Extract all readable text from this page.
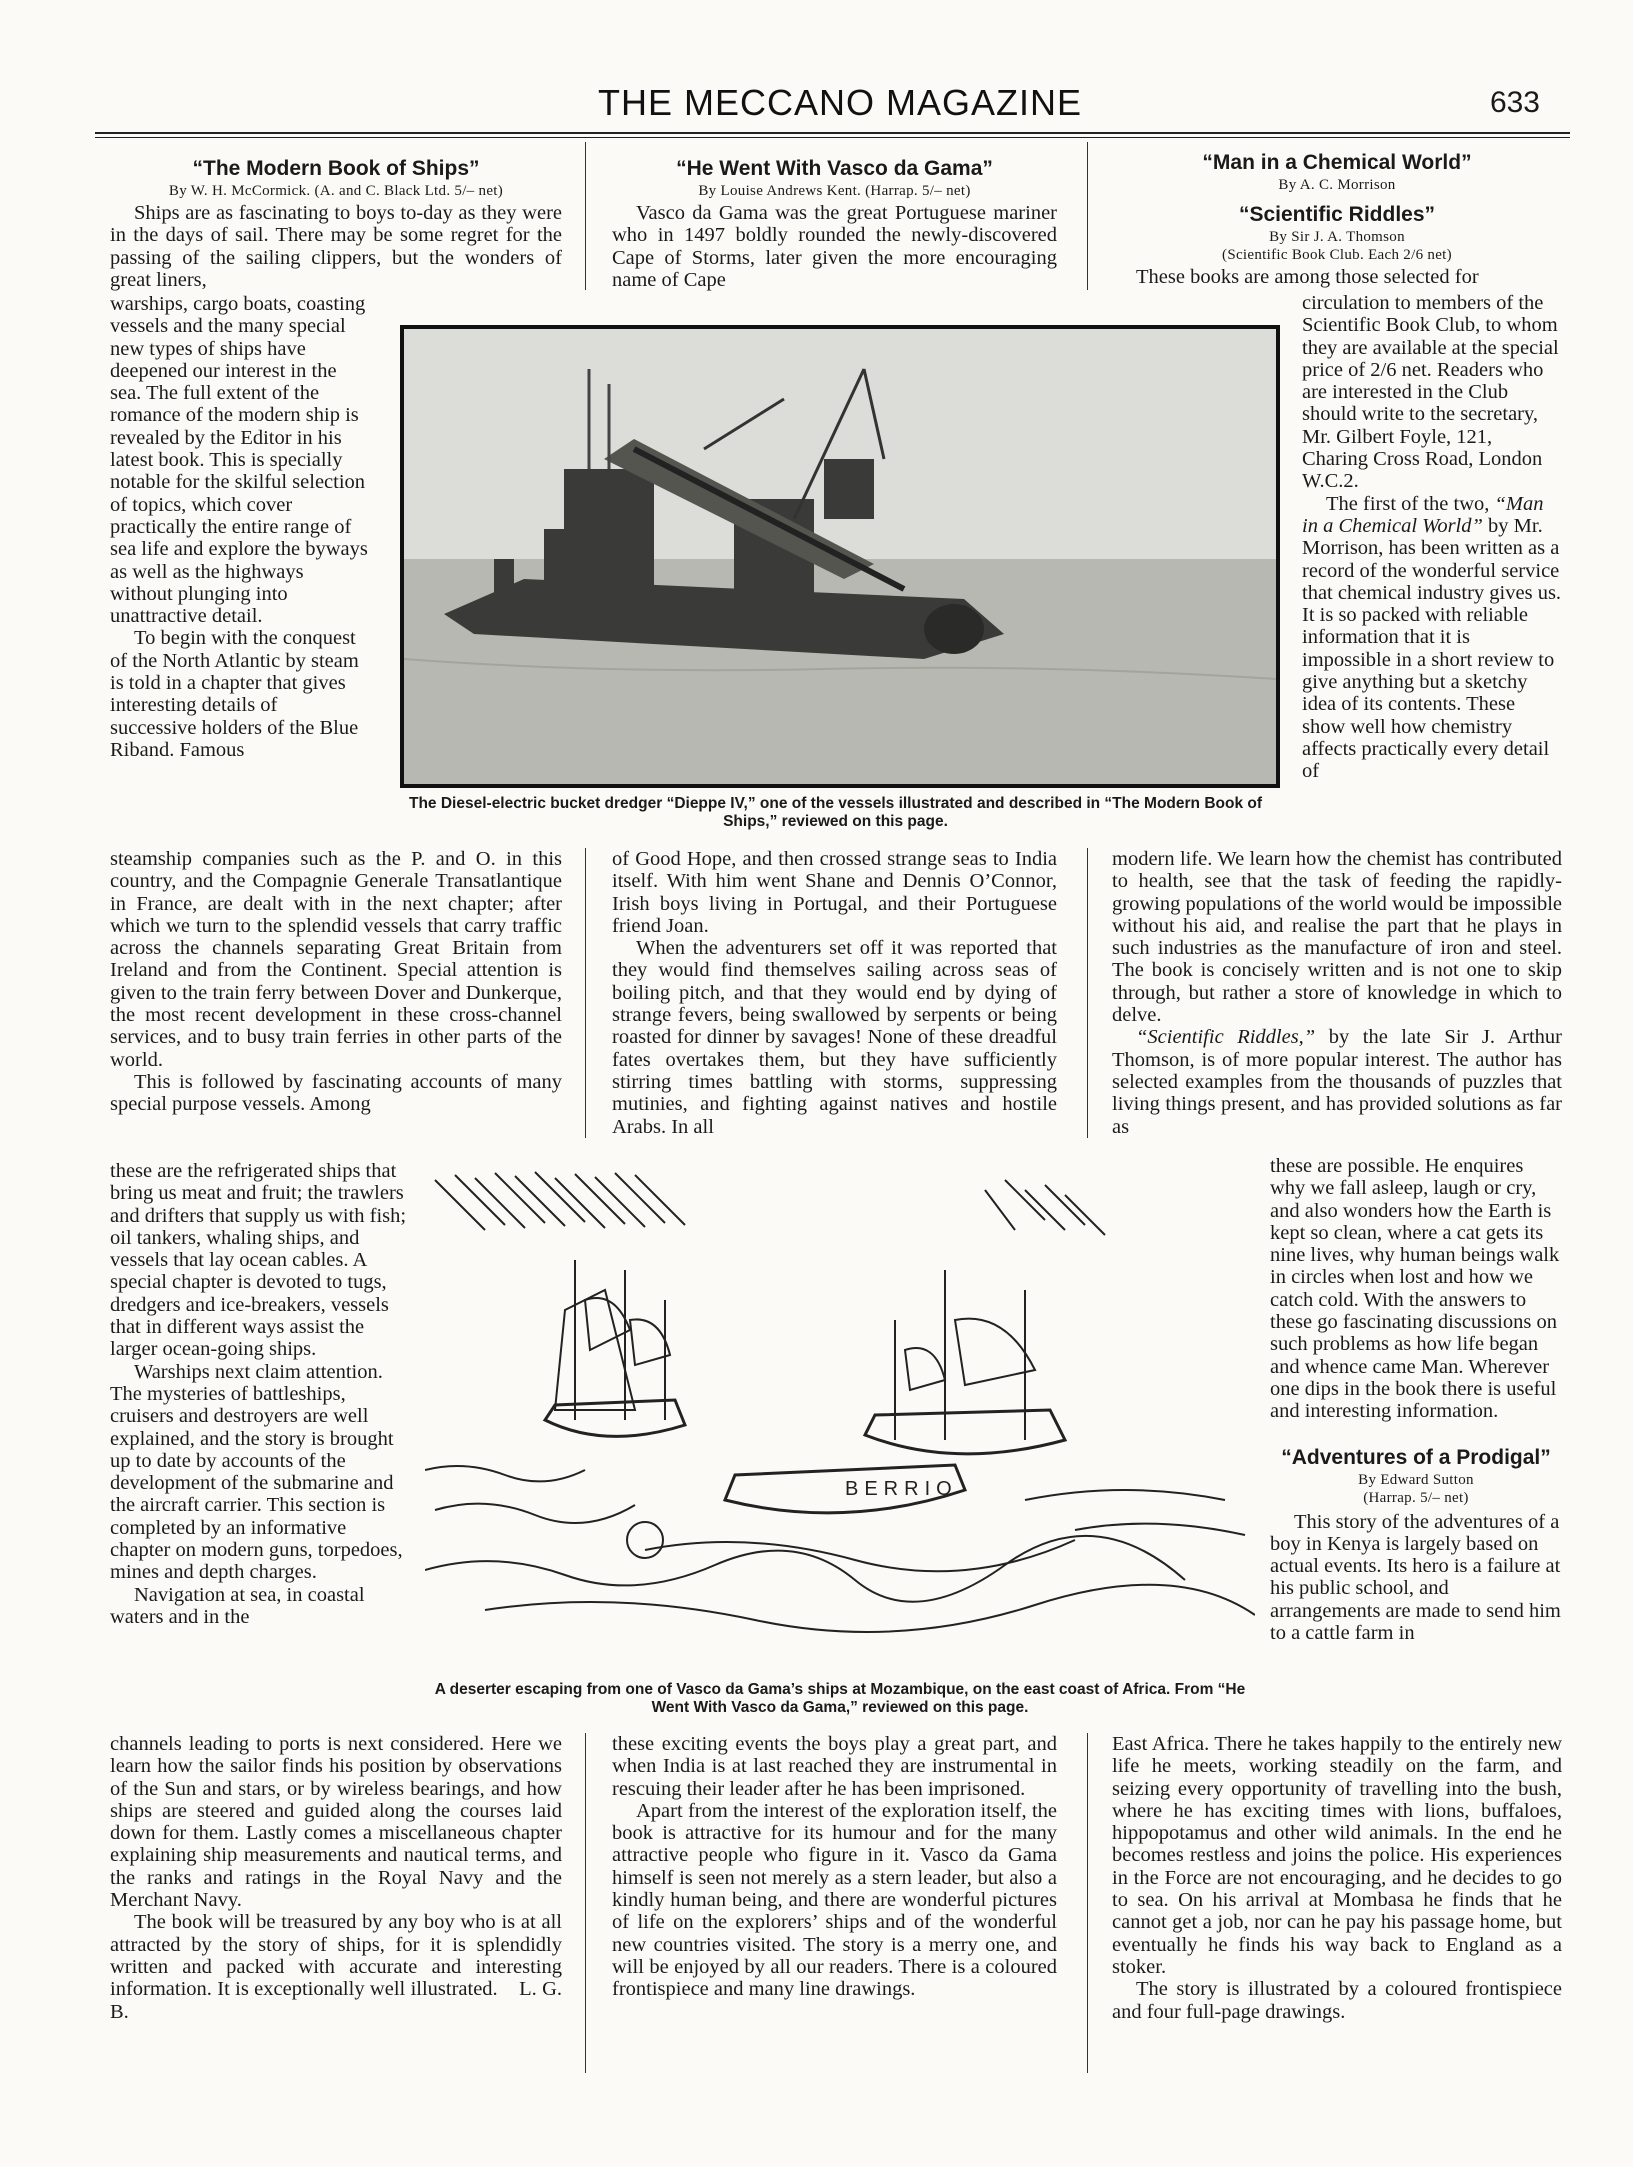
THE MECCANO MAGAZINE	633
“The Modern Book of Ships”
By W. H. McCormick. (A. and C. Black Ltd. 5/– net)

Ships are as fascinating to boys to-day as they were in the days of sail. There may be some regret for the passing of the sailing clippers, but the wonders of great liners,

warships, cargo boats, coasting vessels and the many special new types of ships have deepened our interest in the sea. The full extent of the romance of the modern ship is revealed by the Editor in his latest book. This is specially notable for the skilful selection of topics, which cover practically the entire range of sea life and explore the byways as well as the highways without plunging into unattractive detail.

To begin with the conquest of the North Atlantic by steam is told in a chapter that gives interesting details of successive holders of the Blue Riband. Famous

steamship companies such as the P. and O. in this country, and the Compagnie Generale Transatlantique in France, are dealt with in the next chapter; after which we turn to the splendid vessels that carry traffic across the channels separating Great Britain from Ireland and from the Continent. Special attention is given to the train ferry between Dover and Dunkerque, the most recent development in these cross-channel services, and to busy train ferries in other parts of the world.

This is followed by fascinating accounts of many special purpose vessels. Among

these are the refrigerated ships that bring us meat and fruit; the trawlers and drifters that supply us with fish; oil tankers, whaling ships, and vessels that lay ocean cables. A special chapter is devoted to tugs, dredgers and ice-breakers, vessels that in different ways assist the larger ocean-going ships.

Warships next claim attention. The mysteries of battleships, cruisers and destroyers are well explained, and the story is brought up to date by accounts of the development of the submarine and the aircraft carrier. This section is completed by an informative chapter on modern guns, torpedoes, mines and depth charges.

Navigation at sea, in coastal waters and in the

channels leading to ports is next considered. Here we learn how the sailor finds his position by observations of the Sun and stars, or by wireless bearings, and how ships are steered and guided along the courses laid down for them. Lastly comes a miscellaneous chapter explaining ship measurements and nautical terms, and the ranks and ratings in the Royal Navy and the Merchant Navy.

The book will be treasured by any boy who is at all attracted by the story of ships, for it is splendidly written and packed with accurate and interesting information. It is exceptionally well illustrated.    L. G. B.

“He Went With Vasco da Gama”
By Louise Andrews Kent. (Harrap. 5/– net)

Vasco da Gama was the great Portuguese mariner who in 1497 boldly rounded the newly-discovered Cape of Storms, later given the more encouraging name of Cape

of Good Hope, and then crossed strange seas to India itself. With him went Shane and Dennis O’Connor, Irish boys living in Portugal, and their Portuguese friend Joan.

When the adventurers set off it was reported that they would find themselves sailing across seas of boiling pitch, and that they would end by dying of strange fevers, being swallowed by serpents or being roasted for dinner by savages! None of these dreadful fates overtakes them, but they have sufficiently stirring times battling with storms, suppressing mutinies, and fighting against natives and hostile Arabs. In all

these exciting events the boys play a great part, and when India is at last reached they are instrumental in rescuing their leader after he has been imprisoned.

Apart from the interest of the exploration itself, the book is attractive for its humour and for the many attractive people who figure in it. Vasco da Gama himself is seen not merely as a stern leader, but also a kindly human being, and there are wonderful pictures of life on the explorers’ ships and of the wonderful new countries visited. The story is a merry one, and will be enjoyed by all our readers. There is a coloured frontispiece and many line drawings.

“Man in a Chemical World”
By A. C. Morrison
“Scientific Riddles”
By Sir J. A. Thomson
(Scientific Book Club. Each 2/6 net)

These books are among those selected for

circulation to members of the Scientific Book Club, to whom they are available at the special price of 2/6 net. Readers who are interested in the Club should write to the secretary, Mr. Gilbert Foyle, 121, Charing Cross Road, London W.C.2.

The first of the two, “Man in a Chemical World” by Mr. Morrison, has been written as a record of the wonderful service that chemical industry gives us. It is so packed with reliable information that it is impossible in a short review to give anything but a sketchy idea of its contents. These show well how chemistry affects practically every detail of

modern life. We learn how the chemist has contributed to health, see that the task of feeding the rapidly-growing populations of the world would be impossible without his aid, and realise the part that he plays in such industries as the manufacture of iron and steel. The book is concisely written and is not one to skip through, but rather a store of knowledge in which to delve.

“Scientific Riddles,” by the late Sir J. Arthur Thomson, is of more popular interest. The author has selected examples from the thousands of puzzles that living things present, and has provided solutions as far as

these are possible. He enquires why we fall asleep, laugh or cry, and also wonders how the Earth is kept so clean, where a cat gets its nine lives, why human beings walk in circles when lost and how we catch cold. With the answers to these go fascinating discussions on such problems as how life began and whence came Man. Wherever one dips in the book there is useful and interesting information.

“Adventures of a Prodigal”
By Edward Sutton
(Harrap. 5/– net)

This story of the adventures of a boy in Kenya is largely based on actual events. Its hero is a failure at his public school, and arrangements are made to send him to a cattle farm in

East Africa. There he takes happily to the entirely new life he meets, working steadily on the farm, and seizing every opportunity of travelling into the bush, where he has exciting times with lions, buffaloes, hippopotamus and other wild animals. In the end he becomes restless and joins the police. His experiences in the Force are not encouraging, and he decides to go to sea. On his arrival at Mombasa he finds that he cannot get a job, nor can he pay his passage home, but eventually he finds his way back to England as a stoker.

The story is illustrated by a coloured frontispiece and four full-page drawings.

The Diesel-electric bucket dredger “Dieppe IV,” one of the vessels illustrated and described in “The Modern Book of Ships,” reviewed on this page.
BERRIO
A deserter escaping from one of Vasco da Gama’s ships at Mozambique, on the east coast of Africa. From “He Went With Vasco da Gama,” reviewed on this page.
